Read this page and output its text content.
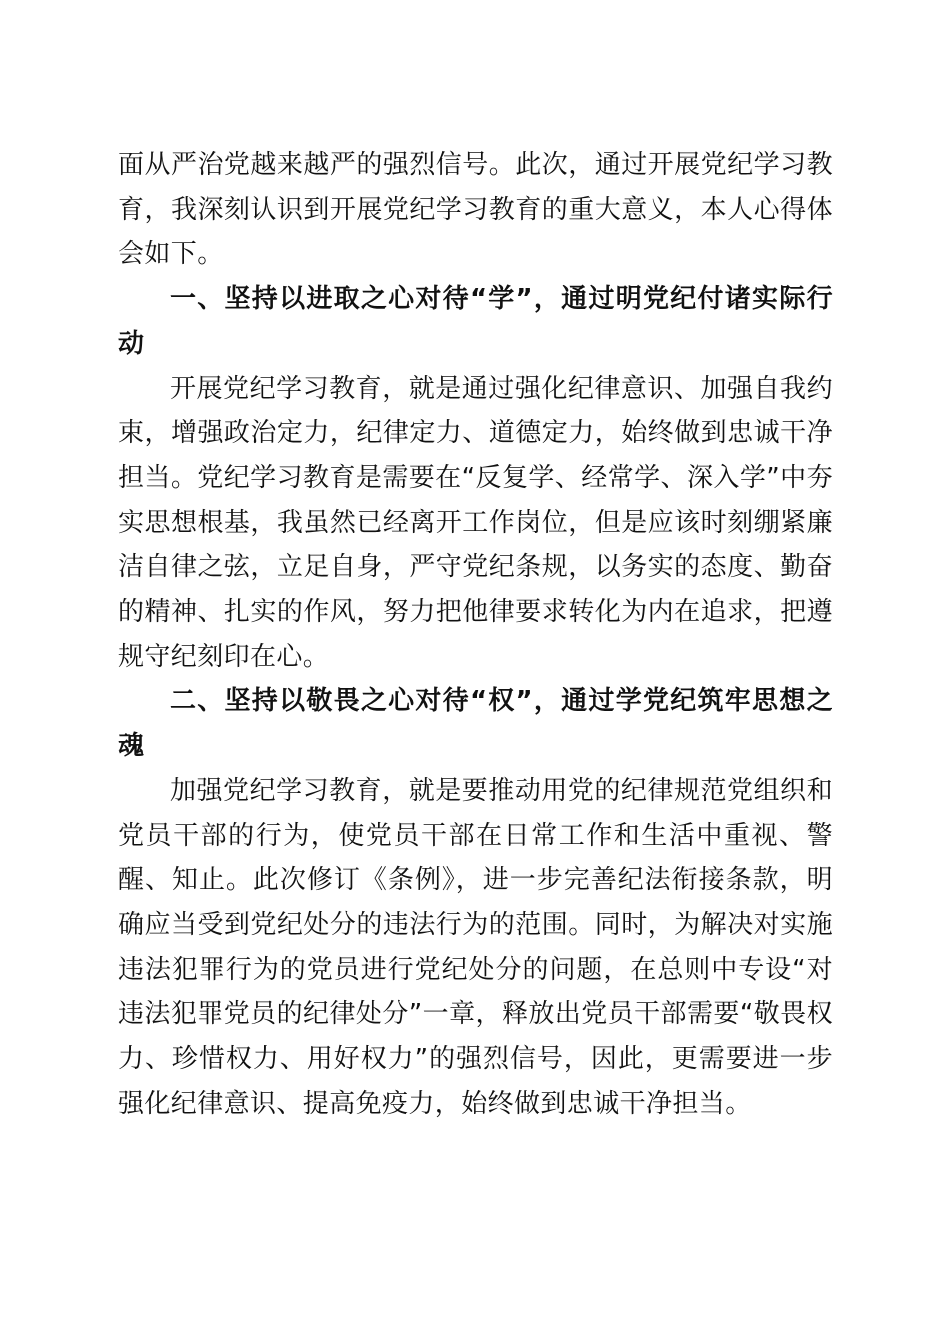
面从严治党越来越严的强烈信号。此次，通过开展党纪学习教育，我深刻认识到开展党纪学习教育的重大意义，本人心得体会如下。

一、坚持以进取之心对待“学”，通过明党纪付诸实际行动

开展党纪学习教育，就是通过强化纪律意识、加强自我约束，增强政治定力，纪律定力、道德定力，始终做到忠诚干净担当。党纪学习教育是需要在“反复学、经常学、深入学”中夯实思想根基，我虽然已经离开工作岗位，但是应该时刻绷紧廉洁自律之弦，立足自身，严守党纪条规，以务实的态度、勤奋的精神、扎实的作风，努力把他律要求转化为内在追求，把遵规守纪刻印在心。

二、坚持以敬畏之心对待“权”，通过学党纪筑牢思想之魂

加强党纪学习教育，就是要推动用党的纪律规范党组织和党员干部的行为，使党员干部在日常工作和生活中重视、警醒、知止。此次修订《条例》，进一步完善纪法衔接条款，明确应当受到党纪处分的违法行为的范围。同时，为解决对实施违法犯罪行为的党员进行党纪处分的问题，在总则中专设“对违法犯罪党员的纪律处分”一章，释放出党员干部需要“敬畏权力、珍惜权力、用好权力”的强烈信号，因此，更需要进一步强化纪律意识、提高免疫力，始终做到忠诚干净担当。
